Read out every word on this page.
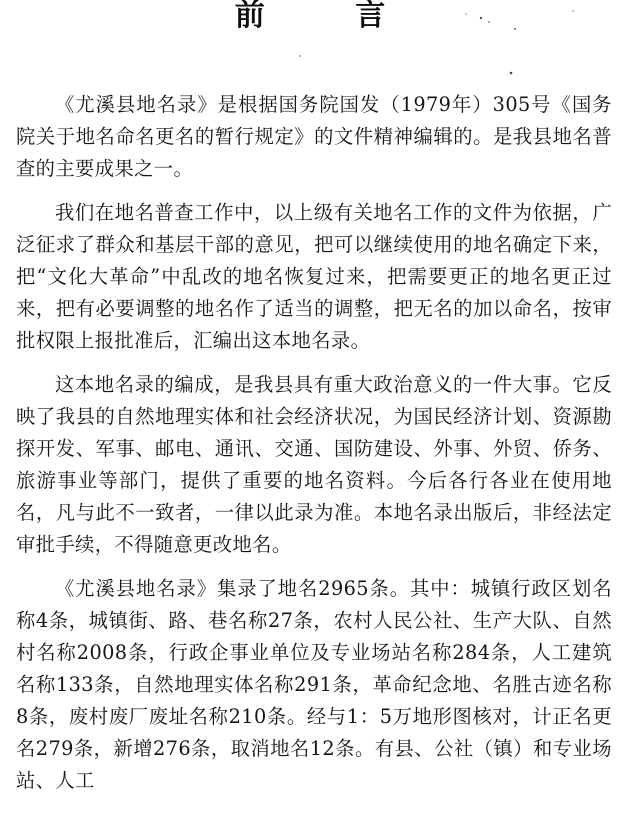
前 言

《尤溪县地名录》是根据国务院国发（1979年）305号《国务院关于地名命名更名的暂行规定》的文件精神编辑的。是我县地名普查的主要成果之一。

我们在地名普查工作中，以上级有关地名工作的文件为依据，广泛征求了群众和基层干部的意见，把可以继续使用的地名确定下来，把“文化大革命”中乱改的地名恢复过来，把需要更正的地名更正过来，把有必要调整的地名作了适当的调整，把无名的加以命名，按审批权限上报批准后，汇编出这本地名录。

这本地名录的编成，是我县具有重大政治意义的一件大事。它反映了我县的自然地理实体和社会经济状况，为国民经济计划、资源勘探开发、军事、邮电、通讯、交通、国防建设、外事、外贸、侨务、旅游事业等部门，提供了重要的地名资料。今后各行各业在使用地名，凡与此不一致者，一律以此录为准。本地名录出版后，非经法定审批手续，不得随意更改地名。

《尤溪县地名录》集录了地名2965条。其中：城镇行政区划名称4条，城镇街、路、巷名称27条，农村人民公社、生产大队、自然村名称2008条，行政企事业单位及专业场站名称284条，人工建筑名称133条，自然地理实体名称291条，革命纪念地、名胜古迹名称8条，废村废厂废址名称210条。经与1：5万地形图核对，计正名更名279条，新增276条，取消地名12条。有县、公社（镇）和专业场站、人工
